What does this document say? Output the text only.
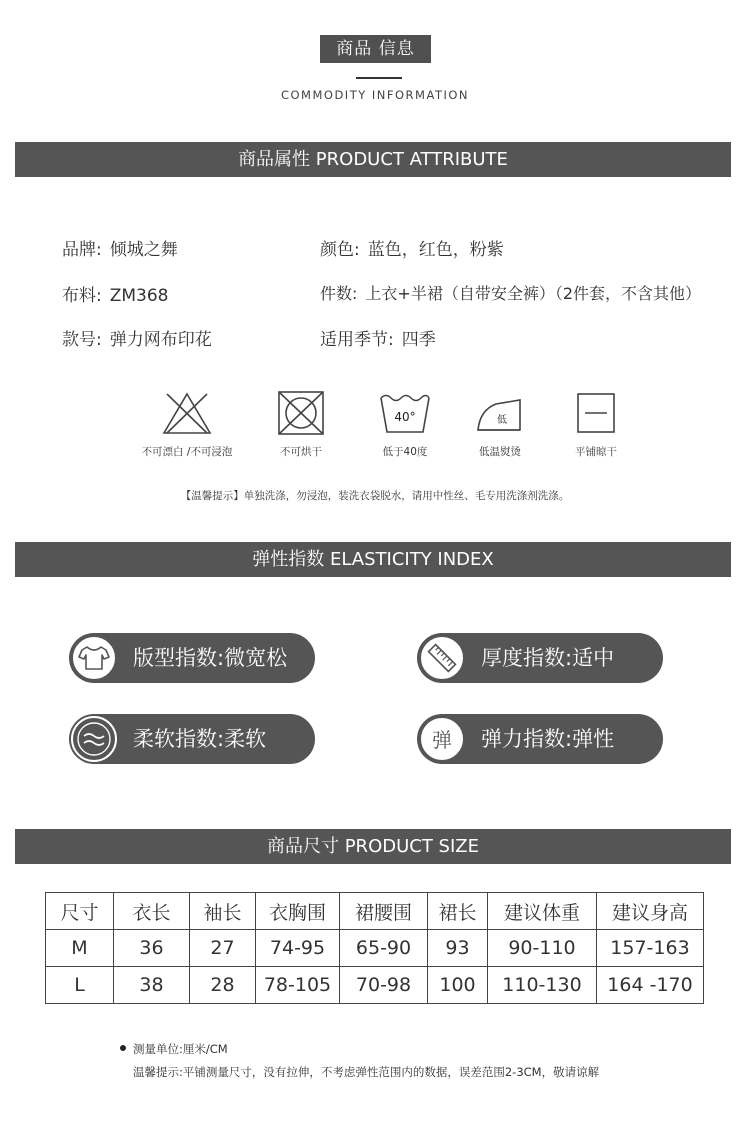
商品 信息
COMMODITY INFORMATION
商品属性 PRODUCT ATTRIBUTE
品牌: 倾城之舞
布料: ZM368
款号: 弹力网布印花
颜色: 蓝色，红色，粉紫
件数: 上衣+半裙（自带安全裤）（2件套，不含其他）
适用季节: 四季
不可漂白 /不可浸泡	不可烘干
40°
低于40度
低
低温熨烫	平铺晾干
【温馨提示】单独洗涤，勿浸泡，装洗衣袋脱水，请用中性丝、毛专用洗涤剂洗涤。
弹性指数 ELASTICITY INDEX
版型指数:微宽松	厚度指数:适中
柔软指数:柔软	弹 弹力指数:弹性
商品尺寸 PRODUCT SIZE
尺寸	衣长	袖长	衣胸围	裙腰围	裙长	建议体重	建议身高
M	36	27	74-95	65-90	93	90-110	157-163
L	38	28	78-105	70-98	100	110-130	164 -170
测量单位:厘米/CM
温馨提示:平铺测量尺寸，没有拉伸，不考虑弹性范围内的数据，误差范围2-3CM，敬请谅解
